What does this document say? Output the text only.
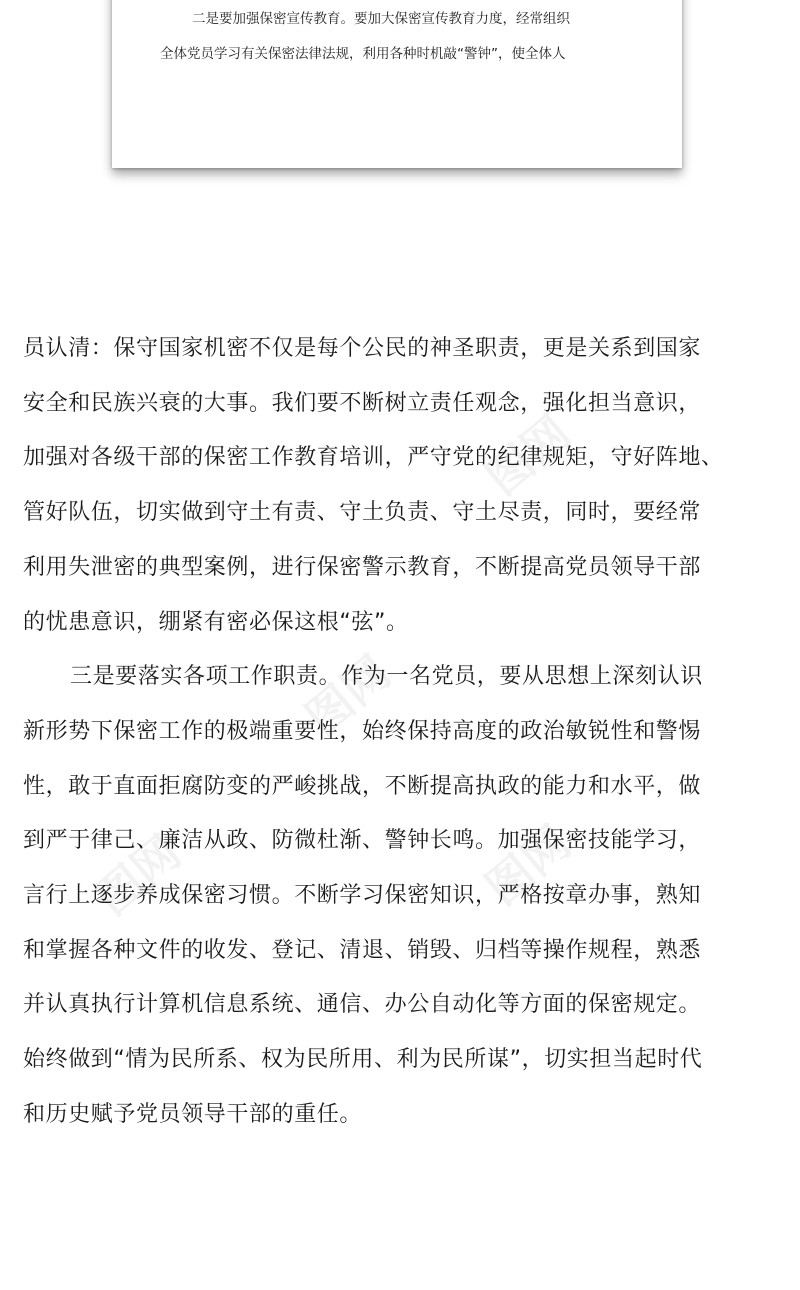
二是要加强保密宣传教育。要加大保密宣传教育力度，经常组织
全体党员学习有关保密法律法规，利用各种时机敲“警钟”，使全体人
图网
图网
图网
图网

员认清：保守国家机密不仅是每个公民的神圣职责，更是关系到国家
安全和民族兴衰的大事。我们要不断树立责任观念，强化担当意识，
加强对各级干部的保密工作教育培训，严守党的纪律规矩，守好阵地、
管好队伍，切实做到守土有责、守土负责、守土尽责，同时，要经常
利用失泄密的典型案例，进行保密警示教育，不断提高党员领导干部
的忧患意识，绷紧有密必保这根“弦”。

三是要落实各项工作职责。作为一名党员，要从思想上深刻认识
新形势下保密工作的极端重要性，始终保持高度的政治敏锐性和警惕
性，敢于直面拒腐防变的严峻挑战，不断提高执政的能力和水平，做
到严于律己、廉洁从政、防微杜渐、警钟长鸣。加强保密技能学习，
言行上逐步养成保密习惯。不断学习保密知识，严格按章办事，熟知
和掌握各种文件的收发、登记、清退、销毁、归档等操作规程，熟悉
并认真执行计算机信息系统、通信、办公自动化等方面的保密规定。
始终做到“情为民所系、权为民所用、利为民所谋”，切实担当起时代
和历史赋予党员领导干部的重任。
